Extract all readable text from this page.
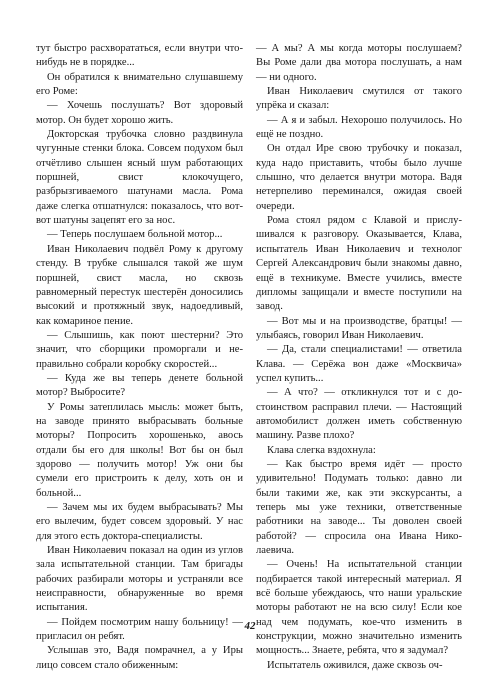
тут быстро расхворататься, если внутри что-нибудь не в порядке...

Он обратился к внимательно слушавшему его Роме:

— Хочешь послушать? Вот здоровый мотор. Он будет хорошо жить.

Докторская трубочка словно раздвинула чугунные стенки блока. Совсем подухом был отчётливо слышен ясный шум работающих поршней, свист клокочущего, разбрызгиваемого шатунами масла. Рома даже слегка отшатнулся: показалось, что вот-вот шатуны зацепят его за нос.

— Теперь послушаем больной мотор...

Иван Николаевич подвёл Рому к другому стенду. В трубке слышался такой же шум поршней, свист масла, но сквозь равномерный перестук шестерён доносились высокий и протяжный звук, надоедливый, как комариное пение.

— Слышишь, как поют шестерни? Это значит, что сборщики проморгали и неправильно собрали коробку скоростей...

— Куда же вы теперь денете больной мотор? Выбросите?

У Ромы затеплилась мысль: может быть, на заводе принято выбрасывать больные моторы? Попросить хорошенько, авось отдали бы его для школы! Вот бы он был здорово — получить мотор! Уж они бы сумели его пристроить к делу, хоть он и больной...

— Зачем мы их будем выбрасывать? Мы его вылечим, будет совсем здоровый. У нас для этого есть доктора-специалисты.

Иван Николаевич показал на один из углов зала испытательной станции. Там бригады рабочих разбирали моторы и устраняли все неисправности, обнаруженные во время испытания.

— Пойдем посмотрим нашу больницу! — пригласил он ребят.

Услышав это, Вадя помрачнел, а у Иры лицо совсем стало обиженным:

— А мы? А мы когда моторы послушаем? Вы Роме дали два мотора послушать, а нам — ни одного.

Иван Николаевич смутился от такого упрёка и сказал:

— А я и забыл. Нехорошо получилось. Но ещё не поздно.

Он отдал Ире свою трубочку и показал, куда надо приставить, чтобы было лучше слышно, что делается внутри мотора. Вадя нетерпеливо переминался, ожидая своей очереди.

Рома стоял рядом с Клавой и прислушивался к разговору. Оказывается, Клава, испытатель Иван Николаевич и технолог Сергей Александрович были знакомы давно, ещё в техникуме. Вместе учились, вместе дипломы защищали и вместе поступили на завод.

— Вот мы и на производстве, братцы! — улыбаясь, говорил Иван Николаевич.

— Да, стали специалистами! — ответила Клава. — Серёжа вон даже «Москвича» успел купить...

— А что? — откликнулся тот и с достоинством расправил плечи. — Настоящий автомобилист должен иметь собственную машину. Разве плохо?

Клава слегка вздохнула:

— Как быстро время идёт — просто удивительно! Подумать только: давно ли были такими же, как эти экскурсанты, а теперь мы уже техники, ответственные работники на заводе... Ты доволен своей работой? — спросила она Ивана Николаевича.

— Очень! На испытательной станции подбирается такой интересный материал. Я всё больше убеждаюсь, что наши уральские моторы работают не на всю силу! Если кое над чем подумать, кое-что изменить в конструкции, можно значительно изменить мощность... Знаете, ребята, что я задумал?

Испытатель оживился, даже сквозь оч-

42
